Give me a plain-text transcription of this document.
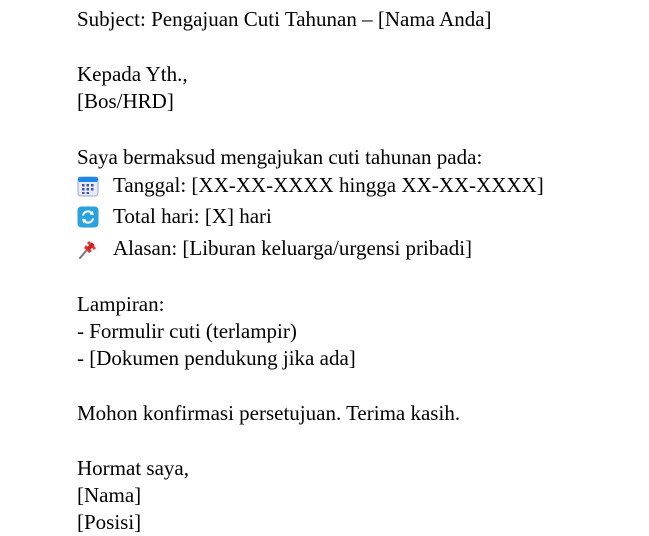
Subject: Pengajuan Cuti Tahunan – [Nama Anda]
Kepada Yth.,
[Bos/HRD]
Saya bermaksud mengajukan cuti tahunan pada:
Tanggal: [XX-XX-XXXX hingga XX-XX-XXXX]
Total hari: [X] hari
Alasan: [Liburan keluarga/urgensi pribadi]
Lampiran:
- Formulir cuti (terlampir)
- [Dokumen pendukung jika ada]
Mohon konfirmasi persetujuan. Terima kasih.
Hormat saya,
[Nama]
[Posisi]
